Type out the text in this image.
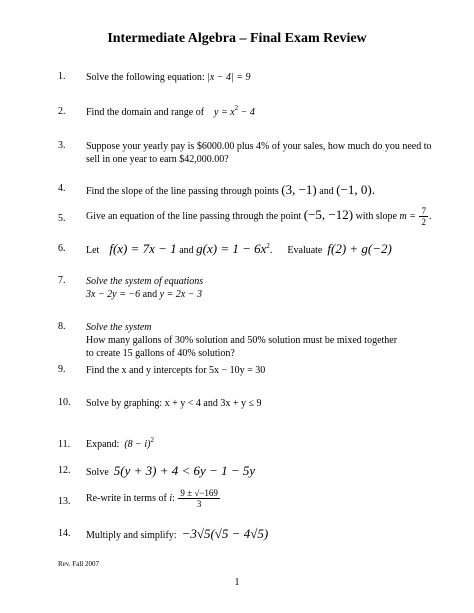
Intermediate Algebra – Final Exam Review
1. Solve the following equation: |x − 4| = 9
2. Find the domain and range of $y = x^2 - 4$
3. Suppose your yearly pay is $6000.00 plus 4% of your sales, how much do you need to
sell in one year to earn $42,000.00?
4. Find the slope of the line passing through points (3, −1) and (−1, 0).
5. Give an equation of the line passing through the point (−5, −12) with slope $m = \frac{7}{2}$ .
6. Let f(x) = 7x − 1 and $g(x) = 1 - 6x^2$. Evaluate f(2) + g(−2)
7. Solve the system of equations
3x − 2y = −6 and y = 2x − 3
8. Solve the system
How many gallons of 30% solution and 50% solution must be mixed together
to create 15 gallons of 40% solution?
9. Find the x and y intercepts for 5x − 10y = 30
10. Solve by graphing: x + y < 4 and 3x + y ≤ 9
11. Expand: $(8 - i)^2$
12. Solve 5(y + 3) + 4 < 6y − 1 − 5y
13. Re-write in terms of i: $\frac{9 \pm √-169}{3}$
14. Multiply and simplify: −3√5(√5 − 4√5)
Rev. Fall 2007
1
